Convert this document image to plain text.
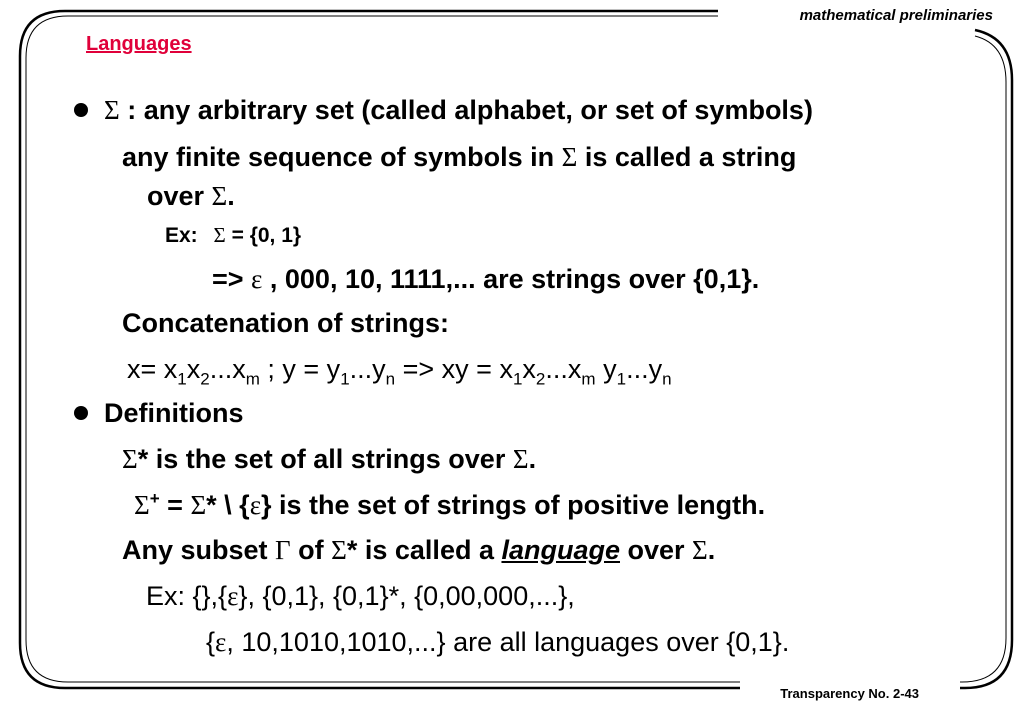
mathematical preliminaries
Languages
Transparency No. 2-43
Σ : any arbitrary set (called alphabet, or set of symbols)
any finite sequence of symbols in Σ is called a string
over Σ.
Ex: Σ = {0, 1}
=> ε , 000, 10, 1111,... are strings over {0,1}.
Concatenation of strings:
$x= x_1x_2...x_m$ ; $y = y_1...y_n$ => xy = $x_1x_2...x_m$ $y_1...y_n$
Definitions
Σ* is the set of all strings over Σ.
Σ+ = Σ* \ {ε} is the set of strings of positive length.
Any subset Γ of Σ* is called a language over Σ.
Ex: {},{ε}, {0,1}, {0,1}*, {0,00,000,...},
{ε, 10,1010,1010,...} are all languages over {0,1}.
